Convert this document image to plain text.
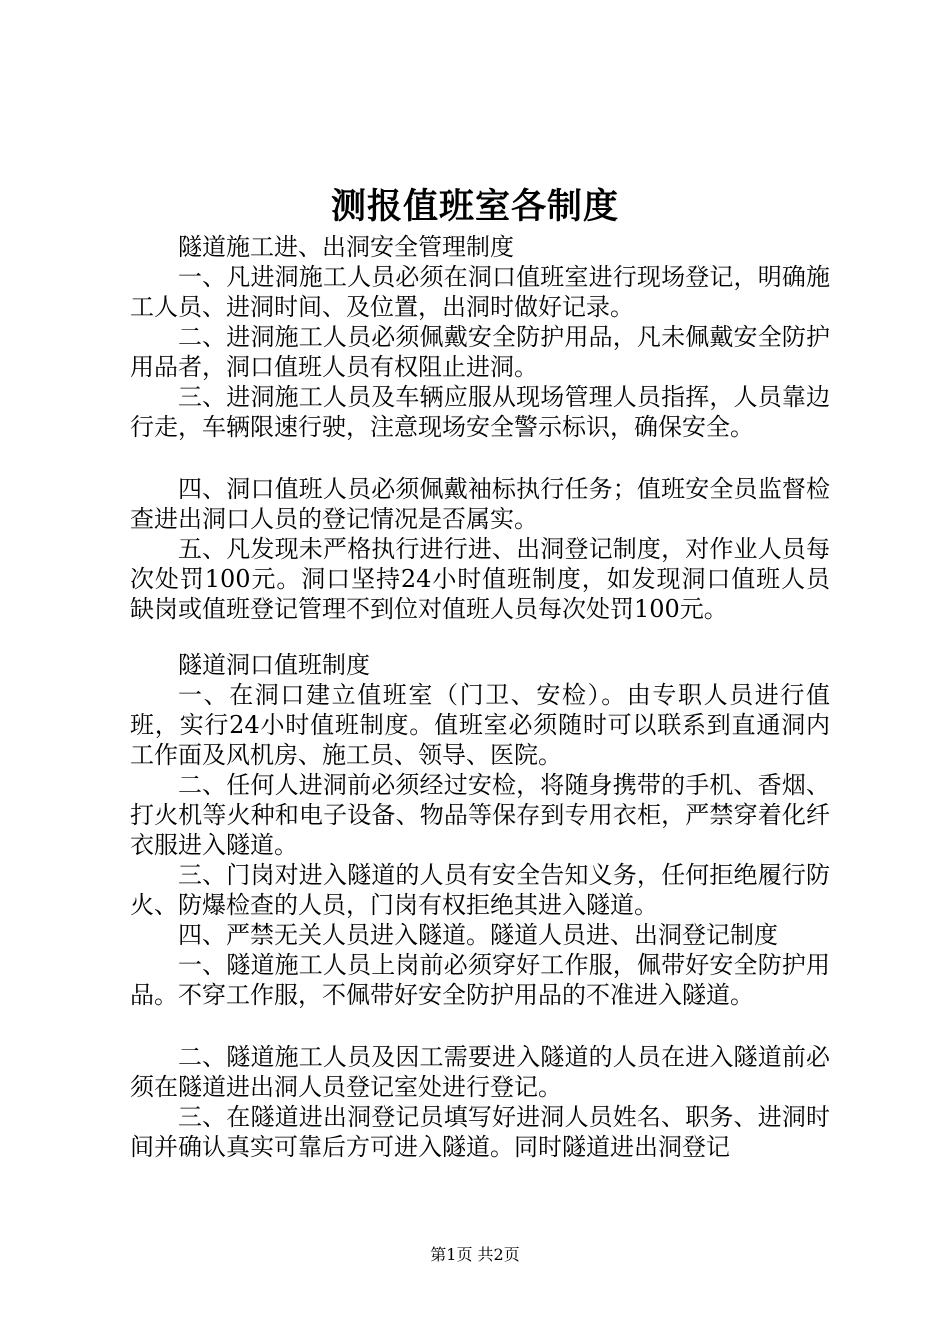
测报值班室各制度

隧道施工进、出洞安全管理制度

一、凡进洞施工人员必须在洞口值班室进行现场登记，明确施工人员、进洞时间、及位置，出洞时做好记录。

二、进洞施工人员必须佩戴安全防护用品，凡未佩戴安全防护用品者，洞口值班人员有权阻止进洞。

三、进洞施工人员及车辆应服从现场管理人员指挥，人员靠边行走，车辆限速行驶，注意现场安全警示标识，确保安全。

四、洞口值班人员必须佩戴袖标执行任务；值班安全员监督检查进出洞口人员的登记情况是否属实。

五、凡发现未严格执行进行进、出洞登记制度，对作业人员每次处罚100元。洞口坚持24小时值班制度，如发现洞口值班人员缺岗或值班登记管理不到位对值班人员每次处罚100元。

隧道洞口值班制度

一、在洞口建立值班室（门卫、安检）。由专职人员进行值班，实行24小时值班制度。值班室必须随时可以联系到直通洞内工作面及风机房、施工员、领导、医院。

二、任何人进洞前必须经过安检，将随身携带的手机、香烟、打火机等火种和电子设备、物品等保存到专用衣柜，严禁穿着化纤衣服进入隧道。

三、门岗对进入隧道的人员有安全告知义务，任何拒绝履行防火、防爆检查的人员，门岗有权拒绝其进入隧道。

四、严禁无关人员进入隧道。隧道人员进、出洞登记制度

一、隧道施工人员上岗前必须穿好工作服，佩带好安全防护用品。不穿工作服，不佩带好安全防护用品的不准进入隧道。

二、隧道施工人员及因工需要进入隧道的人员在进入隧道前必须在隧道进出洞人员登记室处进行登记。

三、在隧道进出洞登记员填写好进洞人员姓名、职务、进洞时间并确认真实可靠后方可进入隧道。同时隧道进出洞登记

第1页 共2页
